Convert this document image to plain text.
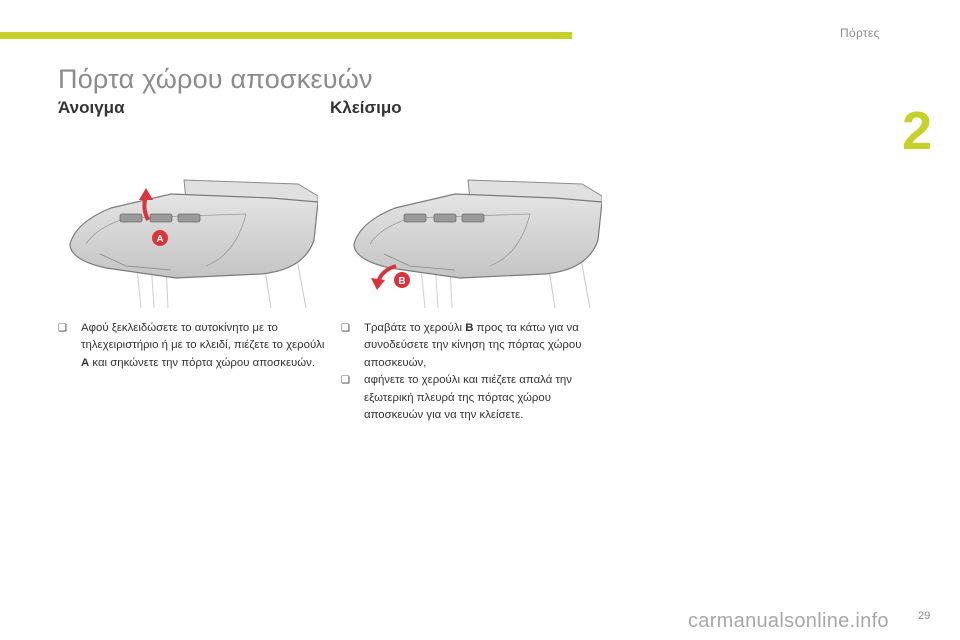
Πόρτες
2
Πόρτα χώρου αποσκευών
Άνοιγμα	Κλείσιμο
A
B
❑	Αφού ξεκλειδώσετε το αυτοκίνητο με το τηλεχειριστήριο ή με το κλειδί, πιέζετε το χερούλι A και σηκώνετε την πόρτα χώρου αποσκευών.
❑	Τραβάτε το χερούλι B προς τα κάτω για να συνοδεύσετε την κίνηση της πόρτας χώρου αποσκευών,
❑	αφήνετε το χερούλι και πιέζετε απαλά την εξωτερική πλευρά της πόρτας χώρου αποσκευών για να την κλείσετε.
carmanualsonline.info	29
